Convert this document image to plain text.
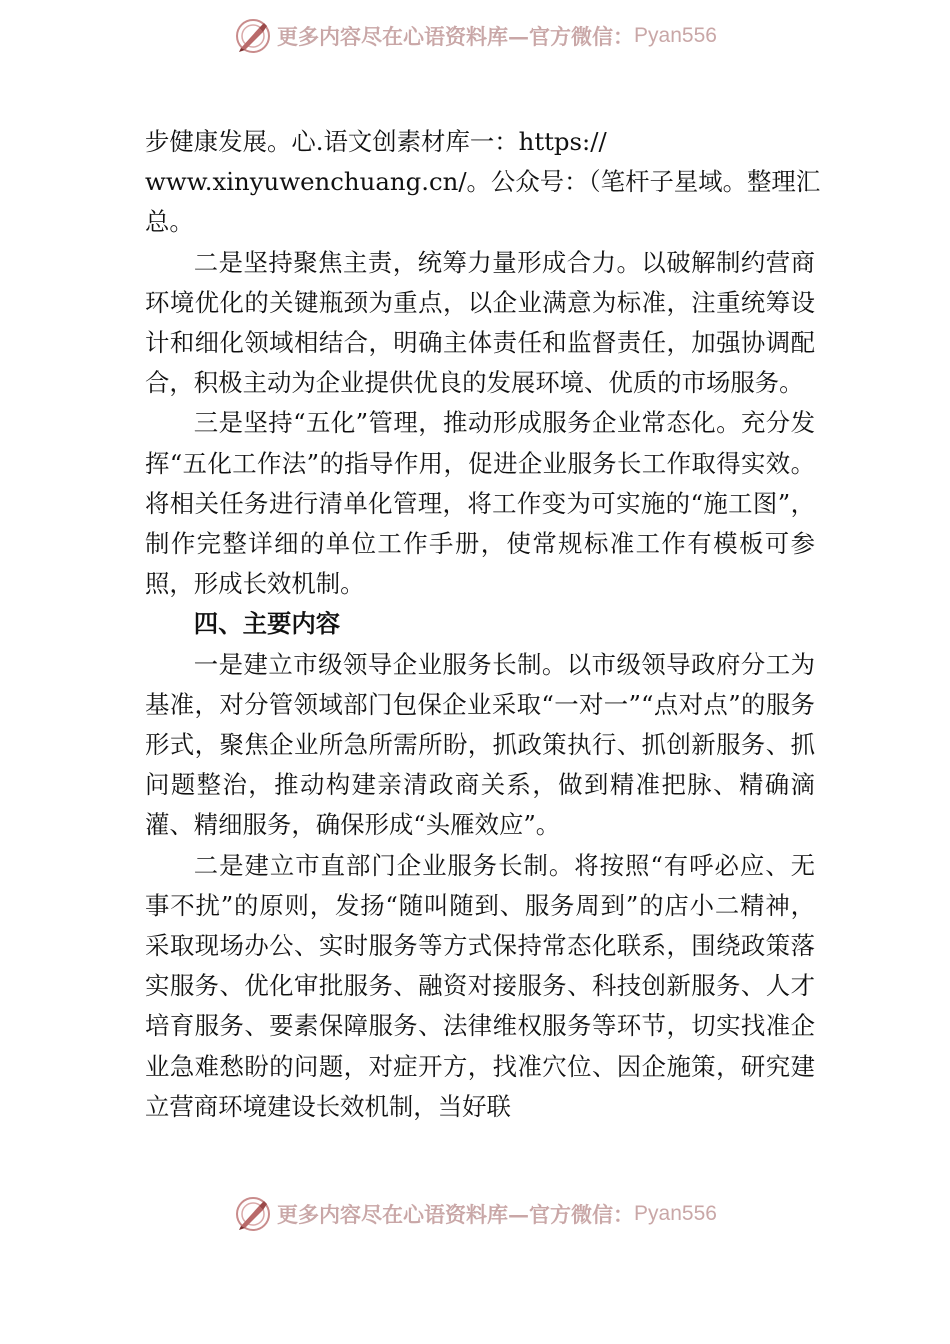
更多内容尽在心语资料库—官方微信： Pyan556

步健康发展。心.语文创素材库一：https://
www.xinyuwenchuang.cn/。公众号：（笔杆子星域。整理汇
总。

二是坚持聚焦主责，统筹力量形成合力。以破解制约营商环境优化的关键瓶颈为重点，以企业满意为标准，注重统筹设计和细化领域相结合，明确主体责任和监督责任，加强协调配合，积极主动为企业提供优良的发展环境、优质的市场服务。

三是坚持“五化”管理，推动形成服务企业常态化。充分发挥“五化工作法”的指导作用，促进企业服务长工作取得实效。将相关任务进行清单化管理，将工作变为可实施的“施工图”，制作完整详细的单位工作手册，使常规标准工作有模板可参照，形成长效机制。

四、主要内容

一是建立市级领导企业服务长制。以市级领导政府分工为基准，对分管领域部门包保企业采取“一对一”“点对点”的服务形式，聚焦企业所急所需所盼，抓政策执行、抓创新服务、抓问题整治，推动构建亲清政商关系，做到精准把脉、精确滴灌、精细服务，确保形成“头雁效应”。

二是建立市直部门企业服务长制。将按照“有呼必应、无事不扰”的原则，发扬“随叫随到、服务周到”的店小二精神，采取现场办公、实时服务等方式保持常态化联系，围绕政策落实服务、优化审批服务、融资对接服务、科技创新服务、人才培育服务、要素保障服务、法律维权服务等环节，切实找准企业急难愁盼的问题，对症开方，找准穴位、因企施策，研究建立营商环境建设长效机制，当好联

更多内容尽在心语资料库—官方微信： Pyan556
